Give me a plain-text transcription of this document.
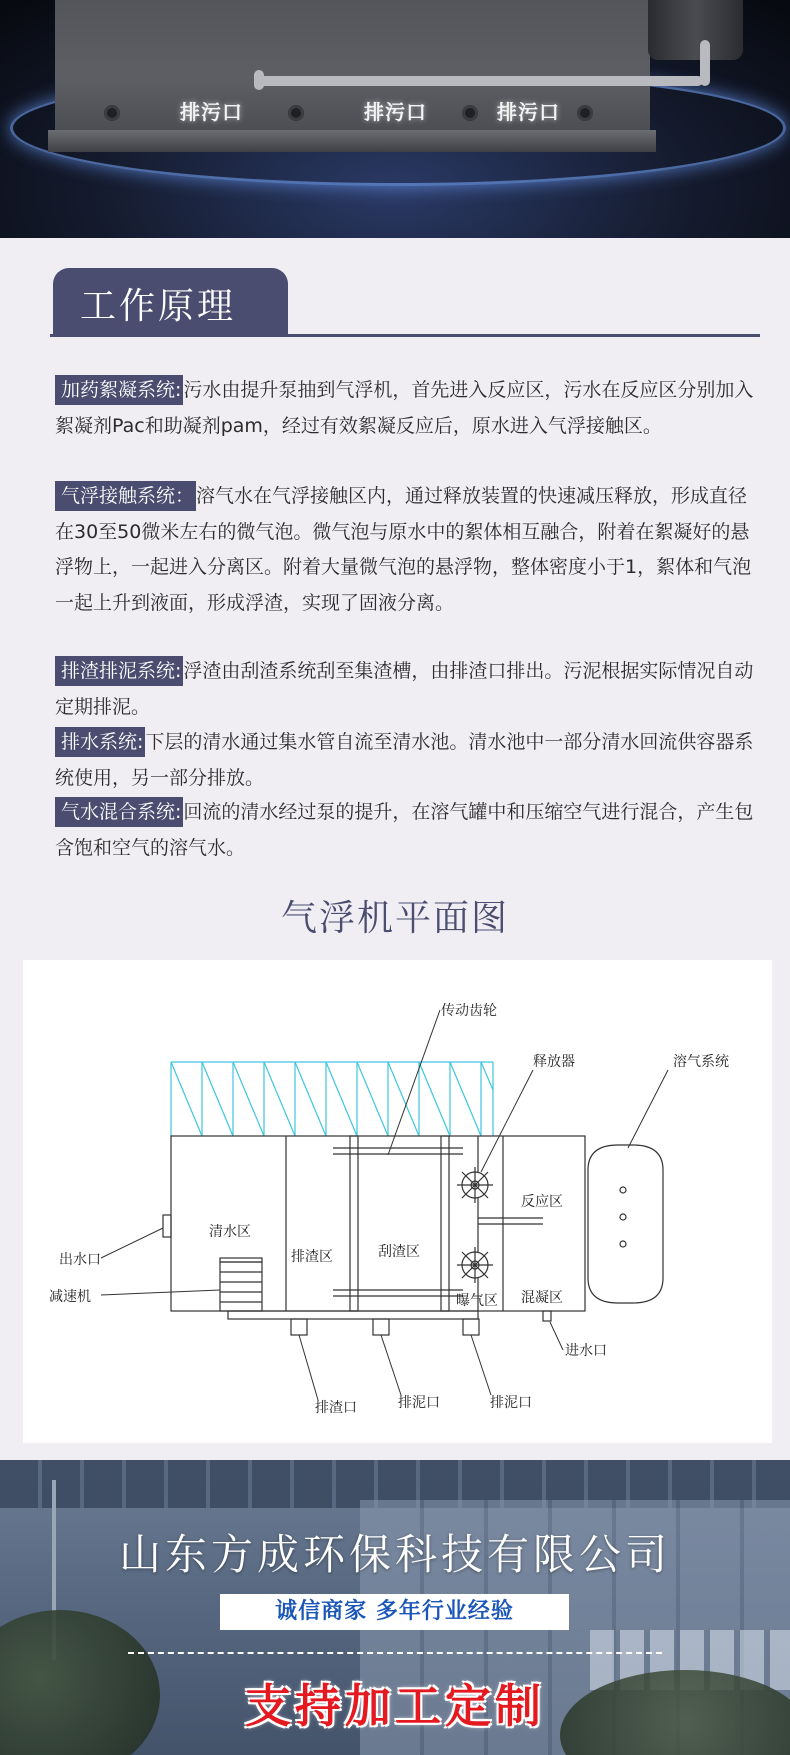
排污口	排污口	排污口
工作原理

加药絮凝系统: 污水由提升泵抽到气浮机，首先进入反应区，污水在反应区分别加入絮凝剂Pac和助凝剂pam，经过有效絮凝反应后，原水进入气浮接触区。

气浮接触系统： 溶气水在气浮接触区内，通过释放装置的快速减压释放，形成直径在30至50微米左右的微气泡。微气泡与原水中的絮体相互融合，附着在絮凝好的悬浮物上，一起进入分离区。附着大量微气泡的悬浮物，整体密度小于1，絮体和气泡一起上升到液面，形成浮渣，实现了固液分离。

排渣排泥系统: 浮渣由刮渣系统刮至集渣槽，由排渣口排出。污泥根据实际情况自动定期排泥。

排水系统: 下层的清水通过集水管自流至清水池。清水池中一部分清水回流供容器系统使用，另一部分排放。

气水混合系统: 回流的清水经过泵的提升，在溶气罐中和压缩空气进行混合，产生包含饱和空气的溶气水。

气浮机平面图
传动齿轮
释放器	溶气系统
清水区
排渣区	刮渣区
反应区
混凝区
曝气区
出水口
减速机
进水口
排渣口	排泥口	排泥口
山东方成环保科技有限公司
诚信商家 多年行业经验
支持加工定制
